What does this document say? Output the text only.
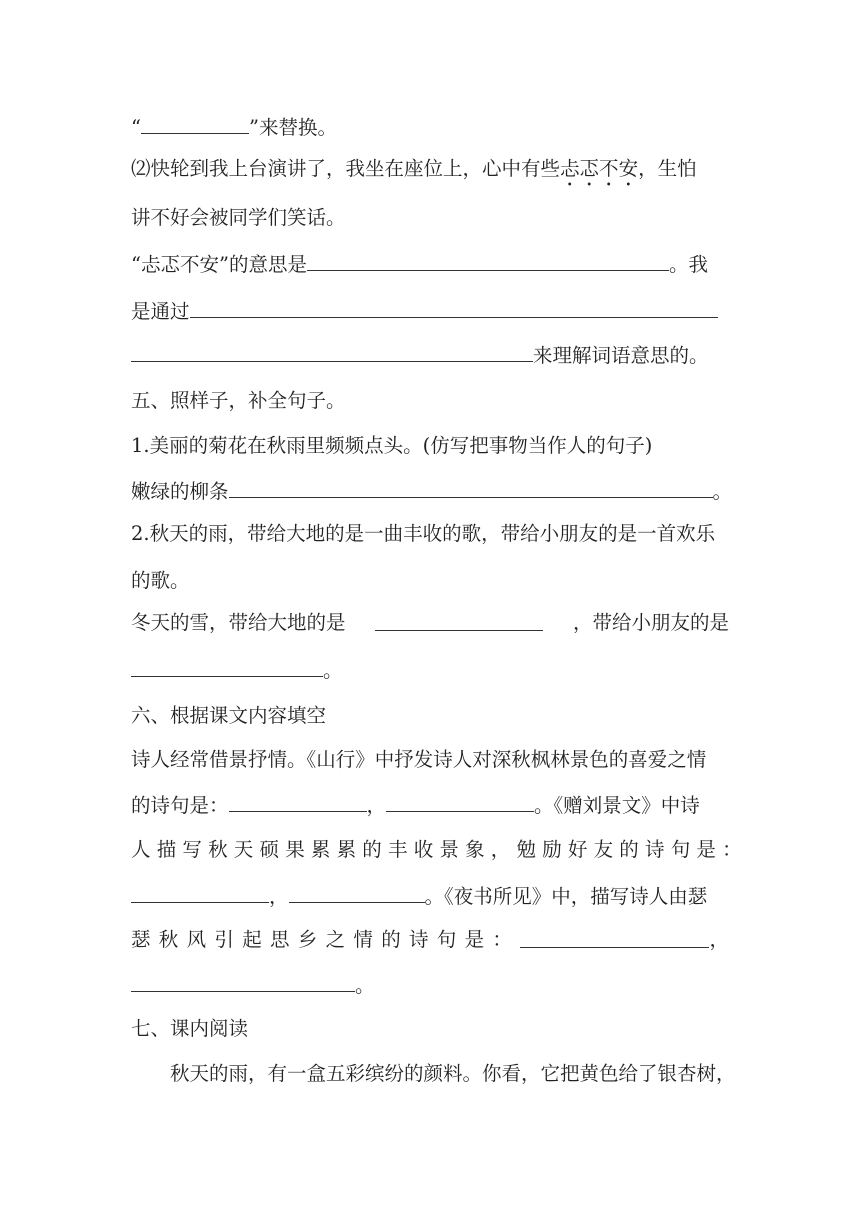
“	”来替换。
⑵快轮到我上台演讲了，我坐在座位上，心中有些忐忑不安，生怕
讲不好会被同学们笑话。
“忐忑不安”的意思是	。我
是通过
来理解词语意思的。
五、照样子，补全句子。
1.美丽的菊花在秋雨里频频点头。(仿写把事物当作人的句子)
嫩绿的柳条	。
2.秋天的雨，带给大地的是一曲丰收的歌，带给小朋友的是一首欢乐
的歌。
冬天的雪，带给大地的是	，带给小朋友的是
。
六、根据课文内容填空
诗人经常借景抒情。《山行》中抒发诗人对深秋枫林景色的喜爱之情
的诗句是：	，	。《赠刘景文》中诗
人描写秋天硕果累累的丰收景象，勉励好友的诗句是：
，	。《夜书所见》中，描写诗人由瑟
瑟秋风引起思乡之情的诗句是：	，
。
七、课内阅读
秋天的雨，有一盒五彩缤纷的颜料。你看，它把黄色给了银杏树，
